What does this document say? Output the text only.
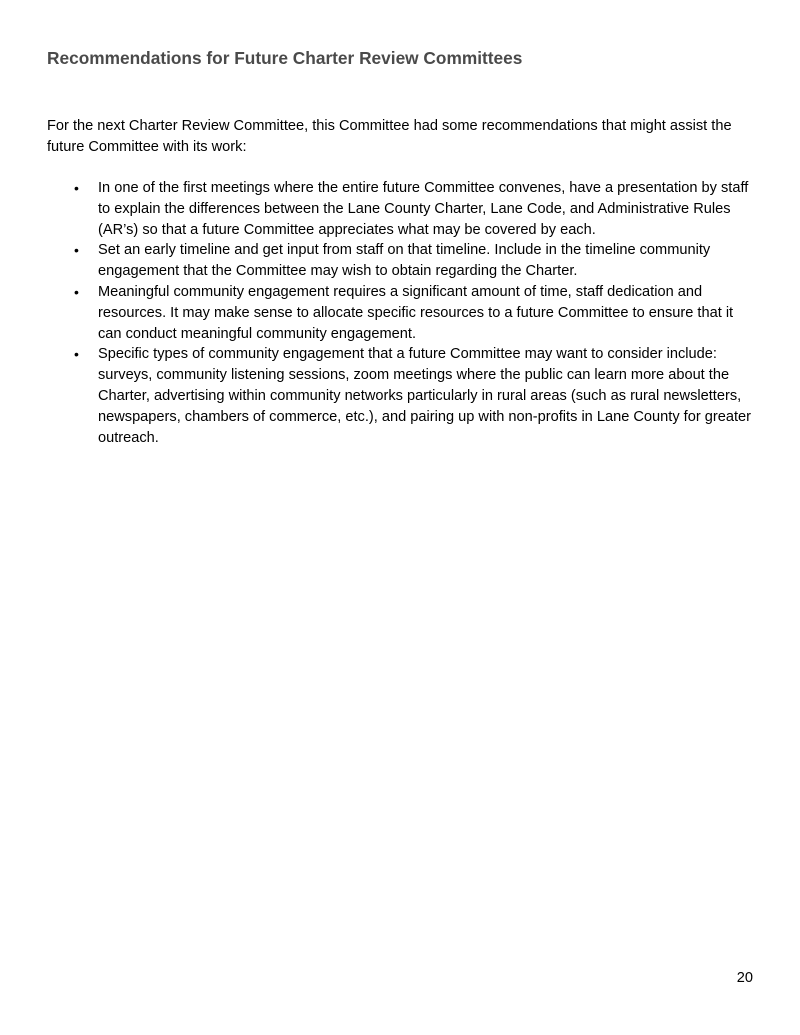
Recommendations for Future Charter Review Committees

For the next Charter Review Committee, this Committee had some recommendations that might assist the future Committee with its work:

• In one of the first meetings where the entire future Committee convenes, have a presentation by staff to explain the differences between the Lane County Charter, Lane Code, and Administrative Rules (AR’s) so that a future Committee appreciates what may be covered by each.
• Set an early timeline and get input from staff on that timeline. Include in the timeline community engagement that the Committee may wish to obtain regarding the Charter.
• Meaningful community engagement requires a significant amount of time, staff dedication and resources. It may make sense to allocate specific resources to a future Committee to ensure that it can conduct meaningful community engagement.
• Specific types of community engagement that a future Committee may want to consider include: surveys, community listening sessions, zoom meetings where the public can learn more about the Charter, advertising within community networks particularly in rural areas (such as rural newsletters, newspapers, chambers of commerce, etc.), and pairing up with non-profits in Lane County for greater outreach.
20
